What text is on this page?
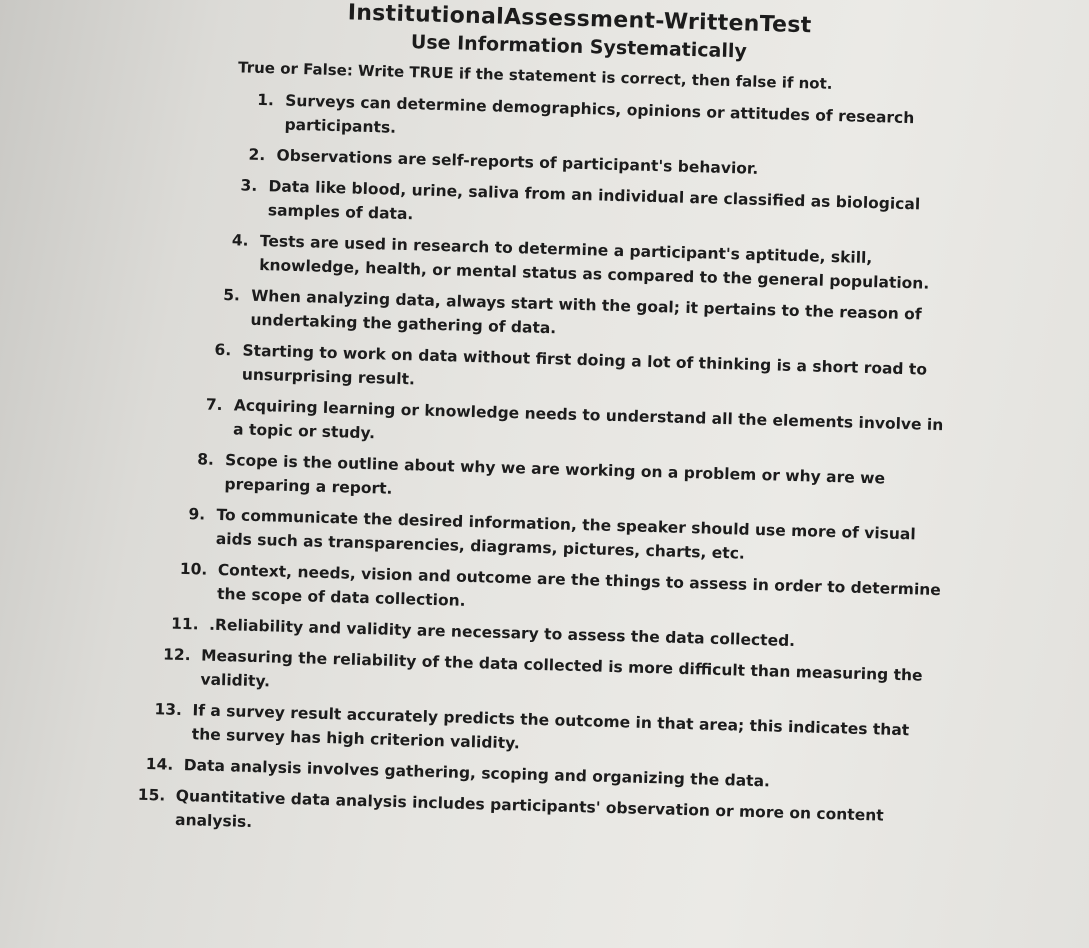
InstitutionalAssessment-WrittenTest
Use Information Systematically

True or False: Write TRUE if the statement is correct, then false if not.

1. Surveys can determine demographics, opinions or attitudes of research participants.
2. Observations are self-reports of participant's behavior.
3. Data like blood, urine, saliva from an individual are classified as biological samples of data.
4. Tests are used in research to determine a participant's aptitude, skill, knowledge, health, or mental status as compared to the general population.
5. When analyzing data, always start with the goal; it pertains to the reason of undertaking the gathering of data.
6. Starting to work on data without first doing a lot of thinking is a short road to unsurprising result.
7. Acquiring learning or knowledge needs to understand all the elements involve in a topic or study.
8. Scope is the outline about why we are working on a problem or why are we preparing a report.
9. To communicate the desired information, the speaker should use more of visual aids such as transparencies, diagrams, pictures, charts, etc.
10. Context, needs, vision and outcome are the things to assess in order to determine the scope of data collection.
11. .Reliability and validity are necessary to assess the data collected.
12. Measuring the reliability of the data collected is more difficult than measuring the validity.
13. If a survey result accurately predicts the outcome in that area; this indicates that the survey has high criterion validity.
14. Data analysis involves gathering, scoping and organizing the data.
15. Quantitative data analysis includes participants' observation or more on content analysis.
